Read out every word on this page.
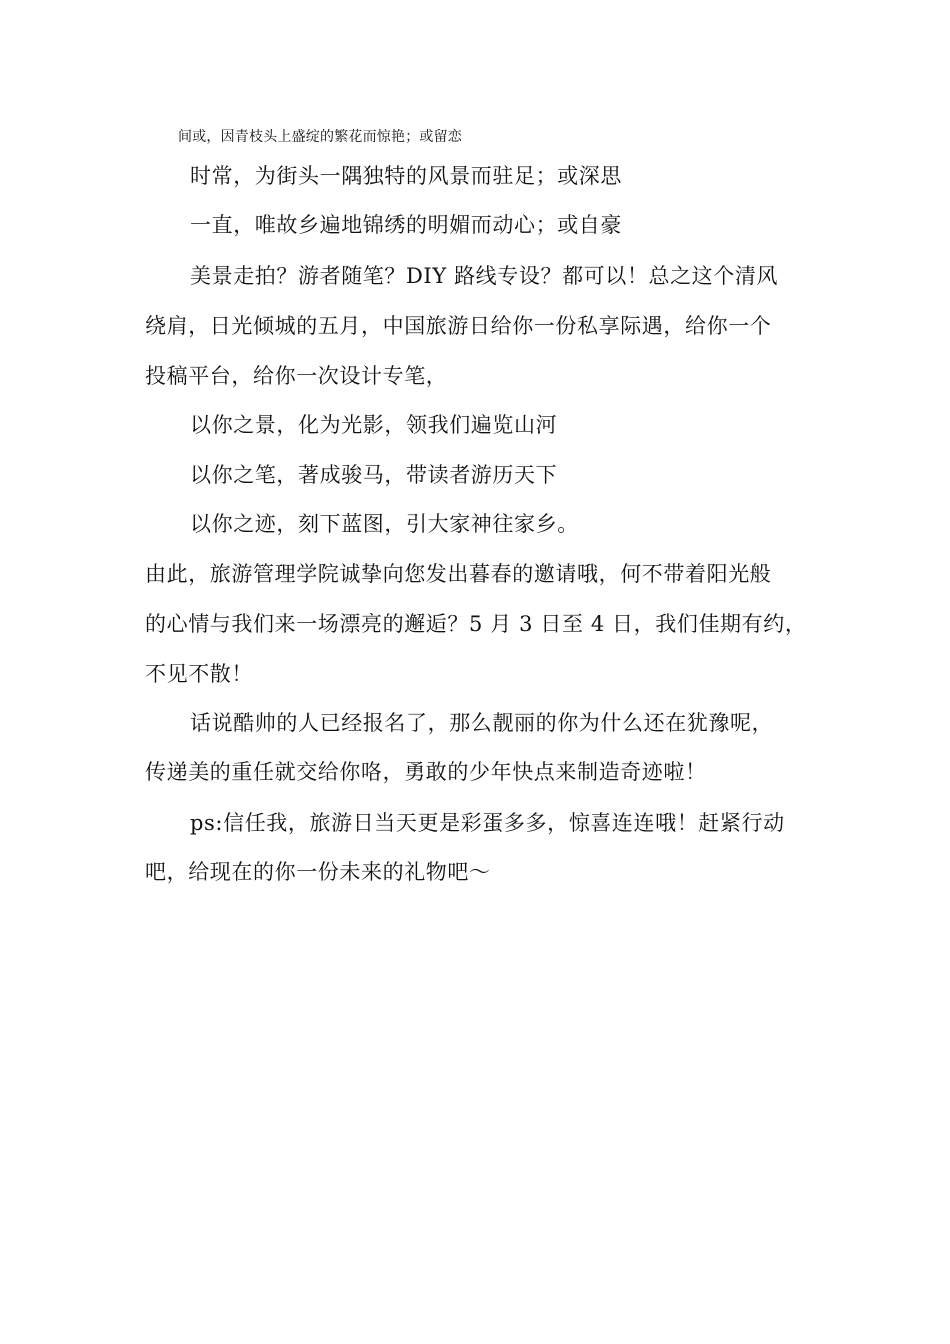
间或，因青枝头上盛绽的繁花而惊艳；或留恋
时常，为街头一隅独特的风景而驻足；或深思
一直，唯故乡遍地锦绣的明媚而动心；或自豪
美景走拍？游者随笔？DIY 路线专设？都可以！总之这个清风
绕肩，日光倾城的五月，中国旅游日给你一份私享际遇，给你一个
投稿平台，给你一次设计专笔，
以你之景，化为光影，领我们遍览山河
以你之笔，著成骏马，带读者游历天下
以你之迹，刻下蓝图，引大家神往家乡。
由此，旅游管理学院诚挚向您发出暮春的邀请哦，何不带着阳光般
的心情与我们来一场漂亮的邂逅？5 月 3 日至 4 日，我们佳期有约，
不见不散！
话说酷帅的人已经报名了，那么靓丽的你为什么还在犹豫呢，
传递美的重任就交给你咯，勇敢的少年快点来制造奇迹啦！
ps:信任我，旅游日当天更是彩蛋多多，惊喜连连哦！赶紧行动
吧，给现在的你一份未来的礼物吧～
